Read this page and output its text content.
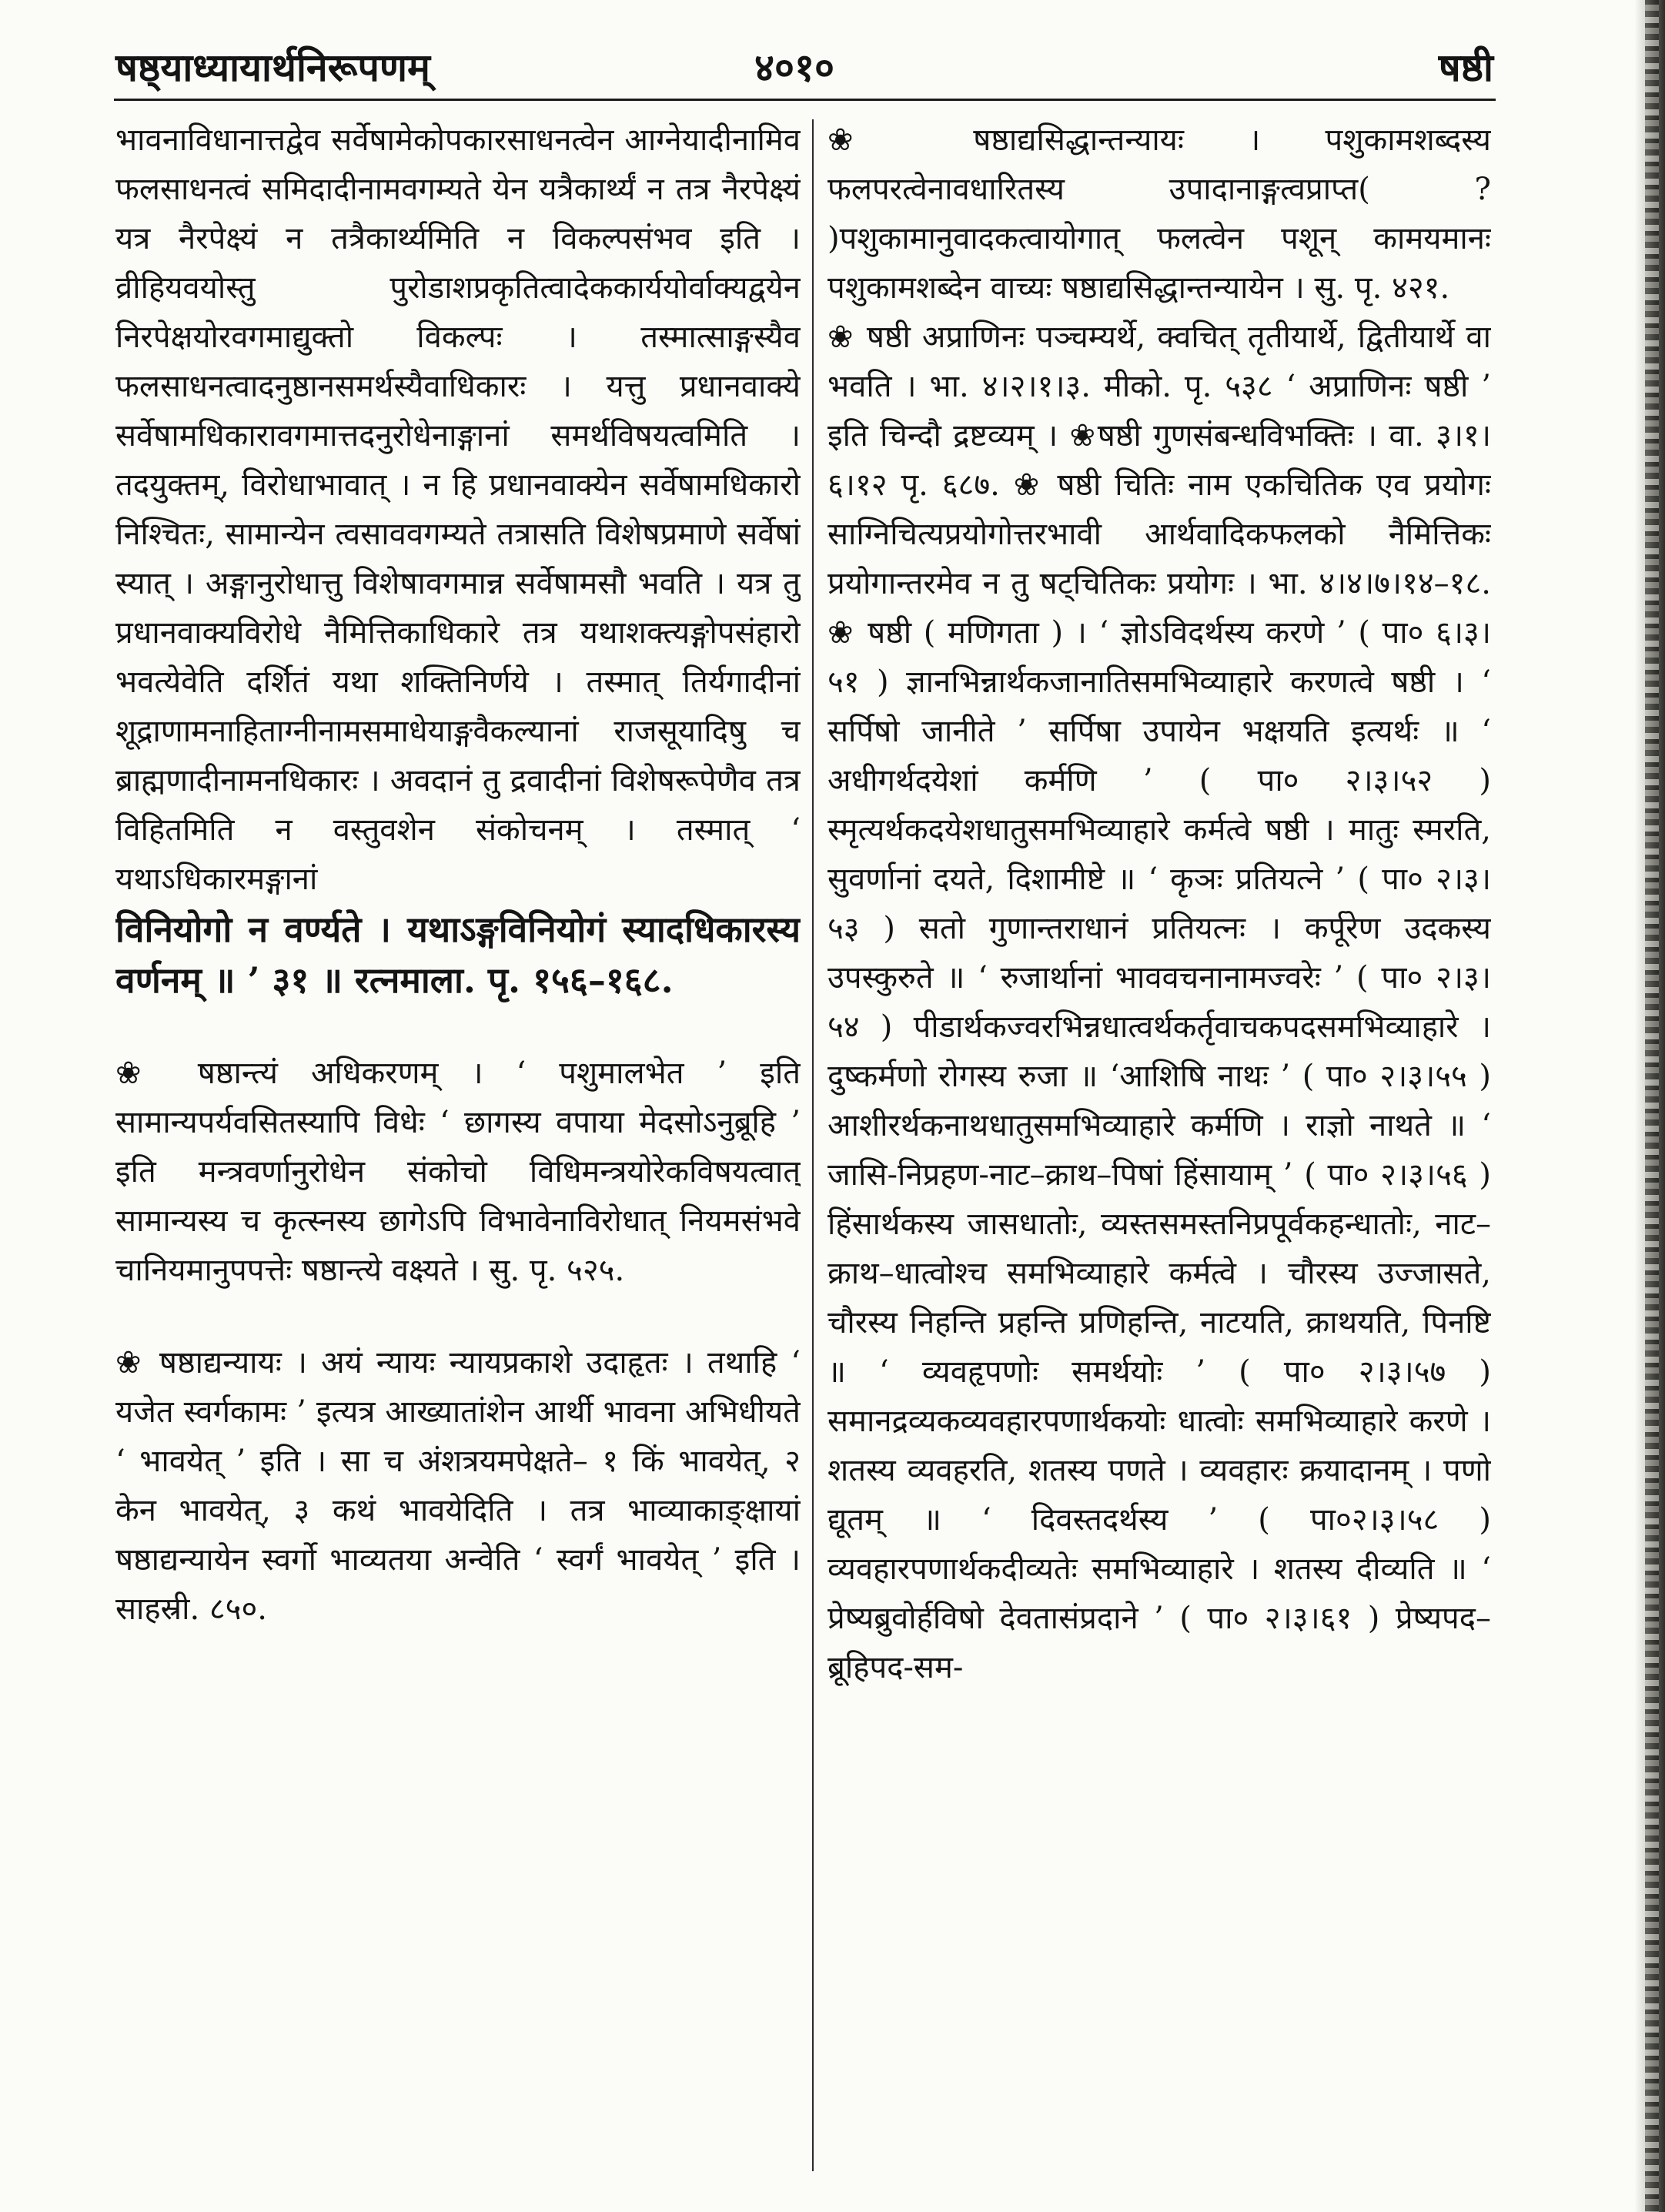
षष्ठ्याध्यायार्थनिरूपणम्	४०१०	षष्ठी

भावनाविधानात्तद्वेव सर्वेषामेकोपकारसाधनत्वेन आग्नेयादीनामिव फलसाधनत्वं समिदादीनामवगम्यते येन यत्रैकार्थ्यं न तत्र नैरपेक्ष्यं यत्र नैरपेक्ष्यं न तत्रैकार्थ्यमिति न विकल्पसंभव इति । व्रीहियवयोस्तु पुरोडाशप्रकृतित्वादेककार्ययोर्वाक्यद्वयेन निरपेक्षयोरवगमाद्युक्तो विकल्पः । तस्मात्साङ्गस्यैव फलसाधनत्वादनुष्ठानसमर्थस्यैवाधिकारः । यत्तु प्रधानवाक्ये सर्वेषामधिकारावगमात्तदनुरोधेनाङ्गानां समर्थविषयत्वमिति । तदयुक्तम्, विरोधाभावात् । न हि प्रधानवाक्येन सर्वेषामधिकारो निश्चितः, सामान्येन त्वसाववगम्यते तत्रासति विशेषप्रमाणे सर्वेषां स्यात् । अङ्गानुरोधात्तु विशेषावगमान्न सर्वेषामसौ भवति । यत्र तु प्रधानवाक्यविरोधे नैमित्तिकाधिकारे तत्र यथाशक्त्यङ्गोपसंहारो भवत्येवेति दर्शितं यथा शक्तिनिर्णये । तस्मात् तिर्यगादीनां शूद्राणामनाहिताग्नीनामसमाधेयाङ्गवैकल्यानां राजसूयादिषु च ब्राह्मणादीनामनधिकारः । अवदानं तु द्रवादीनां विशेषरूपेणैव तत्र विहितमिति न वस्तुवशेन संकोचनम् । तस्मात् ‘ यथाऽधिकारमङ्गानां

विनियोगो न वर्ण्यते । यथाऽङ्गविनियोगं स्यादधिकारस्य वर्णनम् ॥ ’ ३१ ॥ रत्नमाला. पृ. १५६–१६८.

❀ षष्ठान्त्यं अधिकरणम् । ‘ पशुमालभेत ’ इति सामान्यपर्यवसितस्यापि विधेः ‘ छागस्य वपाया मेदसोऽनुब्रूहि ’ इति मन्त्रवर्णानुरोधेन संकोचो विधिमन्त्रयोरेकविषयत्वात् सामान्यस्य च कृत्स्नस्य छागेऽपि विभावेनाविरोधात् नियमसंभवे चानियमानुपपत्तेः षष्ठान्त्ये वक्ष्यते । सु. पृ. ५२५.

❀ षष्ठाद्यन्यायः । अयं न्यायः न्यायप्रकाशे उदाहृतः । तथाहि ‘ यजेत स्वर्गकामः ’ इत्यत्र आख्यातांशेन आर्थी भावना अभिधीयते ‘ भावयेत् ’ इति । सा च अंशत्रयमपेक्षते– १ किं भावयेत्, २ केन भावयेत्, ३ कथं भावयेदिति । तत्र भाव्याकाङ्क्षायां षष्ठाद्यन्यायेन स्वर्गो भाव्यतया अन्वेति ‘ स्वर्गं भावयेत् ’ इति । साहस्री. ८५०.

❀ षष्ठाद्यसिद्धान्तन्यायः । पशुकामशब्दस्य फलपरत्वेनावधारितस्य उपादानाङ्गत्वप्राप्त( ? )पशुकामानुवादकत्वायोगात् फलत्वेन पशून् कामयमानः पशुकामशब्देन वाच्यः षष्ठाद्यसिद्धान्तन्यायेन । सु. पृ. ४२१.

❀ षष्ठी अप्राणिनः पञ्चम्यर्थे, क्वचित् तृतीयार्थे, द्वितीयार्थे वा भवति । भा. ४।२।१।३. मीको. पृ. ५३८ ‘ अप्राणिनः षष्ठी ’ इति चिन्दौ द्रष्टव्यम् । ❀षष्ठी गुणसंबन्धविभक्तिः । वा. ३।१।६।१२ पृ. ६८७. ❀ षष्ठी चितिः नाम एकचितिक एव प्रयोगः साग्निचित्यप्रयोगोत्तरभावी आर्थवादिकफलको नैमित्तिकः प्रयोगान्तरमेव न तु षट्चितिकः प्रयोगः । भा. ४।४।७।१४–१८. ❀ षष्ठी ( मणिगता ) । ‘ ज्ञोऽविदर्थस्य करणे ’ ( पा० ६।३।५१ ) ज्ञानभिन्नार्थकजानातिसमभिव्याहारे करणत्वे षष्ठी । ‘ सर्पिषो जानीते ’ सर्पिषा उपायेन भक्षयति इत्यर्थः ॥ ‘ अधीगर्थदयेशां कर्मणि ’ ( पा० २।३।५२ ) स्मृत्यर्थकदयेशधातुसमभिव्याहारे कर्मत्वे षष्ठी । मातुः स्मरति, सुवर्णानां दयते, दिशामीष्टे ॥ ‘ कृञः प्रतियत्ने ’ ( पा० २।३।५३ ) सतो गुणान्तराधानं प्रतियत्नः । कर्पूरेण उदकस्य उपस्कुरुते ॥ ‘ रुजार्थानां भाववचनानामज्वरेः ’ ( पा० २।३।५४ ) पीडार्थकज्वरभिन्नधात्वर्थकर्तृवाचकपदसमभिव्याहारे । दुष्कर्मणो रोगस्य रुजा ॥ ‘आशिषि नाथः ’ ( पा० २।३।५५ ) आशीरर्थकनाथधातुसमभिव्याहारे कर्मणि । राज्ञो नाथते ॥ ‘ जासि-निप्रहण-नाट–क्राथ–पिषां हिंसायाम् ’ ( पा० २।३।५६ ) हिंसार्थकस्य जासधातोः, व्यस्तसमस्तनिप्रपूर्वकहन्धातोः, नाट–क्राथ–धात्वोश्च समभिव्याहारे कर्मत्वे । चौरस्य उज्जासते, चौरस्य निहन्ति प्रहन्ति प्रणिहन्ति, नाटयति, क्राथयति, पिनष्टि ॥ ‘ व्यवहृपणोः समर्थयोः ’ ( पा० २।३।५७ ) समानद्रव्यकव्यवहारपणार्थकयोः धात्वोः समभिव्याहारे करणे । शतस्य व्यवहरति, शतस्य पणते । व्यवहारः क्रयादानम् । पणो द्यूतम् ॥ ‘ दिवस्तदर्थस्य ’ ( पा०२।३।५८ ) व्यवहारपणार्थकदीव्यतेः समभिव्याहारे । शतस्य दीव्यति ॥ ‘ प्रेष्यब्रुवोर्हविषो देवतासंप्रदाने ’ ( पा० २।३।६१ ) प्रेष्यपद–ब्रूहिपद-सम-
